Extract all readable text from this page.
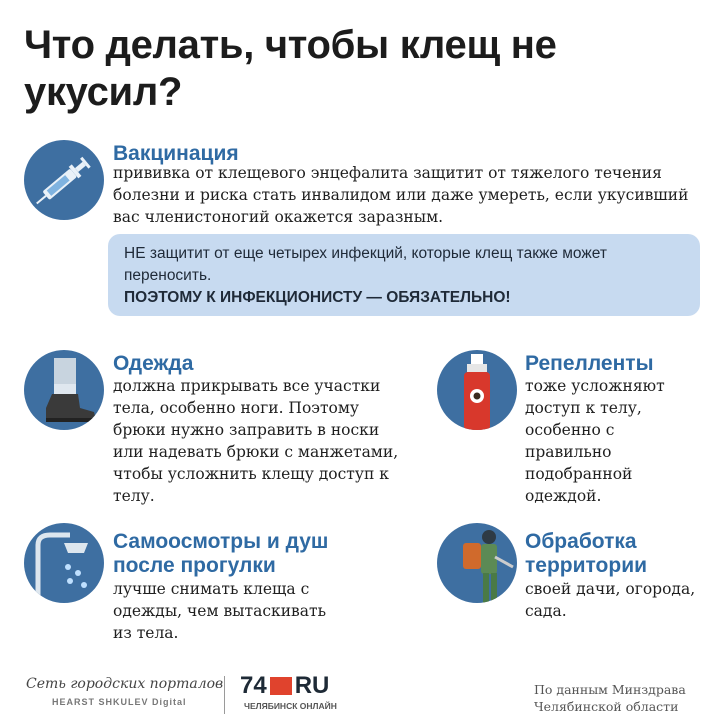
Что делать, чтобы клещ не укусил?
Вакцинация
прививка от клещевого энцефалита защитит от тяжелого течения болезни и риска стать инвалидом или даже умереть, если укусивший вас членистоногий окажется заразным.
НЕ защитит от еще четырех инфекций, которые клещ также может переносить.
ПОЭТОМУ К ИНФЕКЦИОНИСТУ — ОБЯЗАТЕЛЬНО!
Одежда
должна прикрывать все участки тела, особенно ноги. Поэтому брюки нужно заправить в носки или надевать брюки с манжетами, чтобы усложнить клещу доступ к телу.
Репелленты
тоже усложняют доступ к телу, особенно с правильно подобранной одеждой.
Самоосмотры и душ после прогулки
лучше снимать клеща с одежды, чем вытаскивать из тела.
Обработка территории
своей дачи, огорода, сада.
Сеть городских порталов
HEARST SHKULEV Digital
74 RU
ЧЕЛЯБИНСК ОНЛАЙН
По данным Минздрава Челябинской области
